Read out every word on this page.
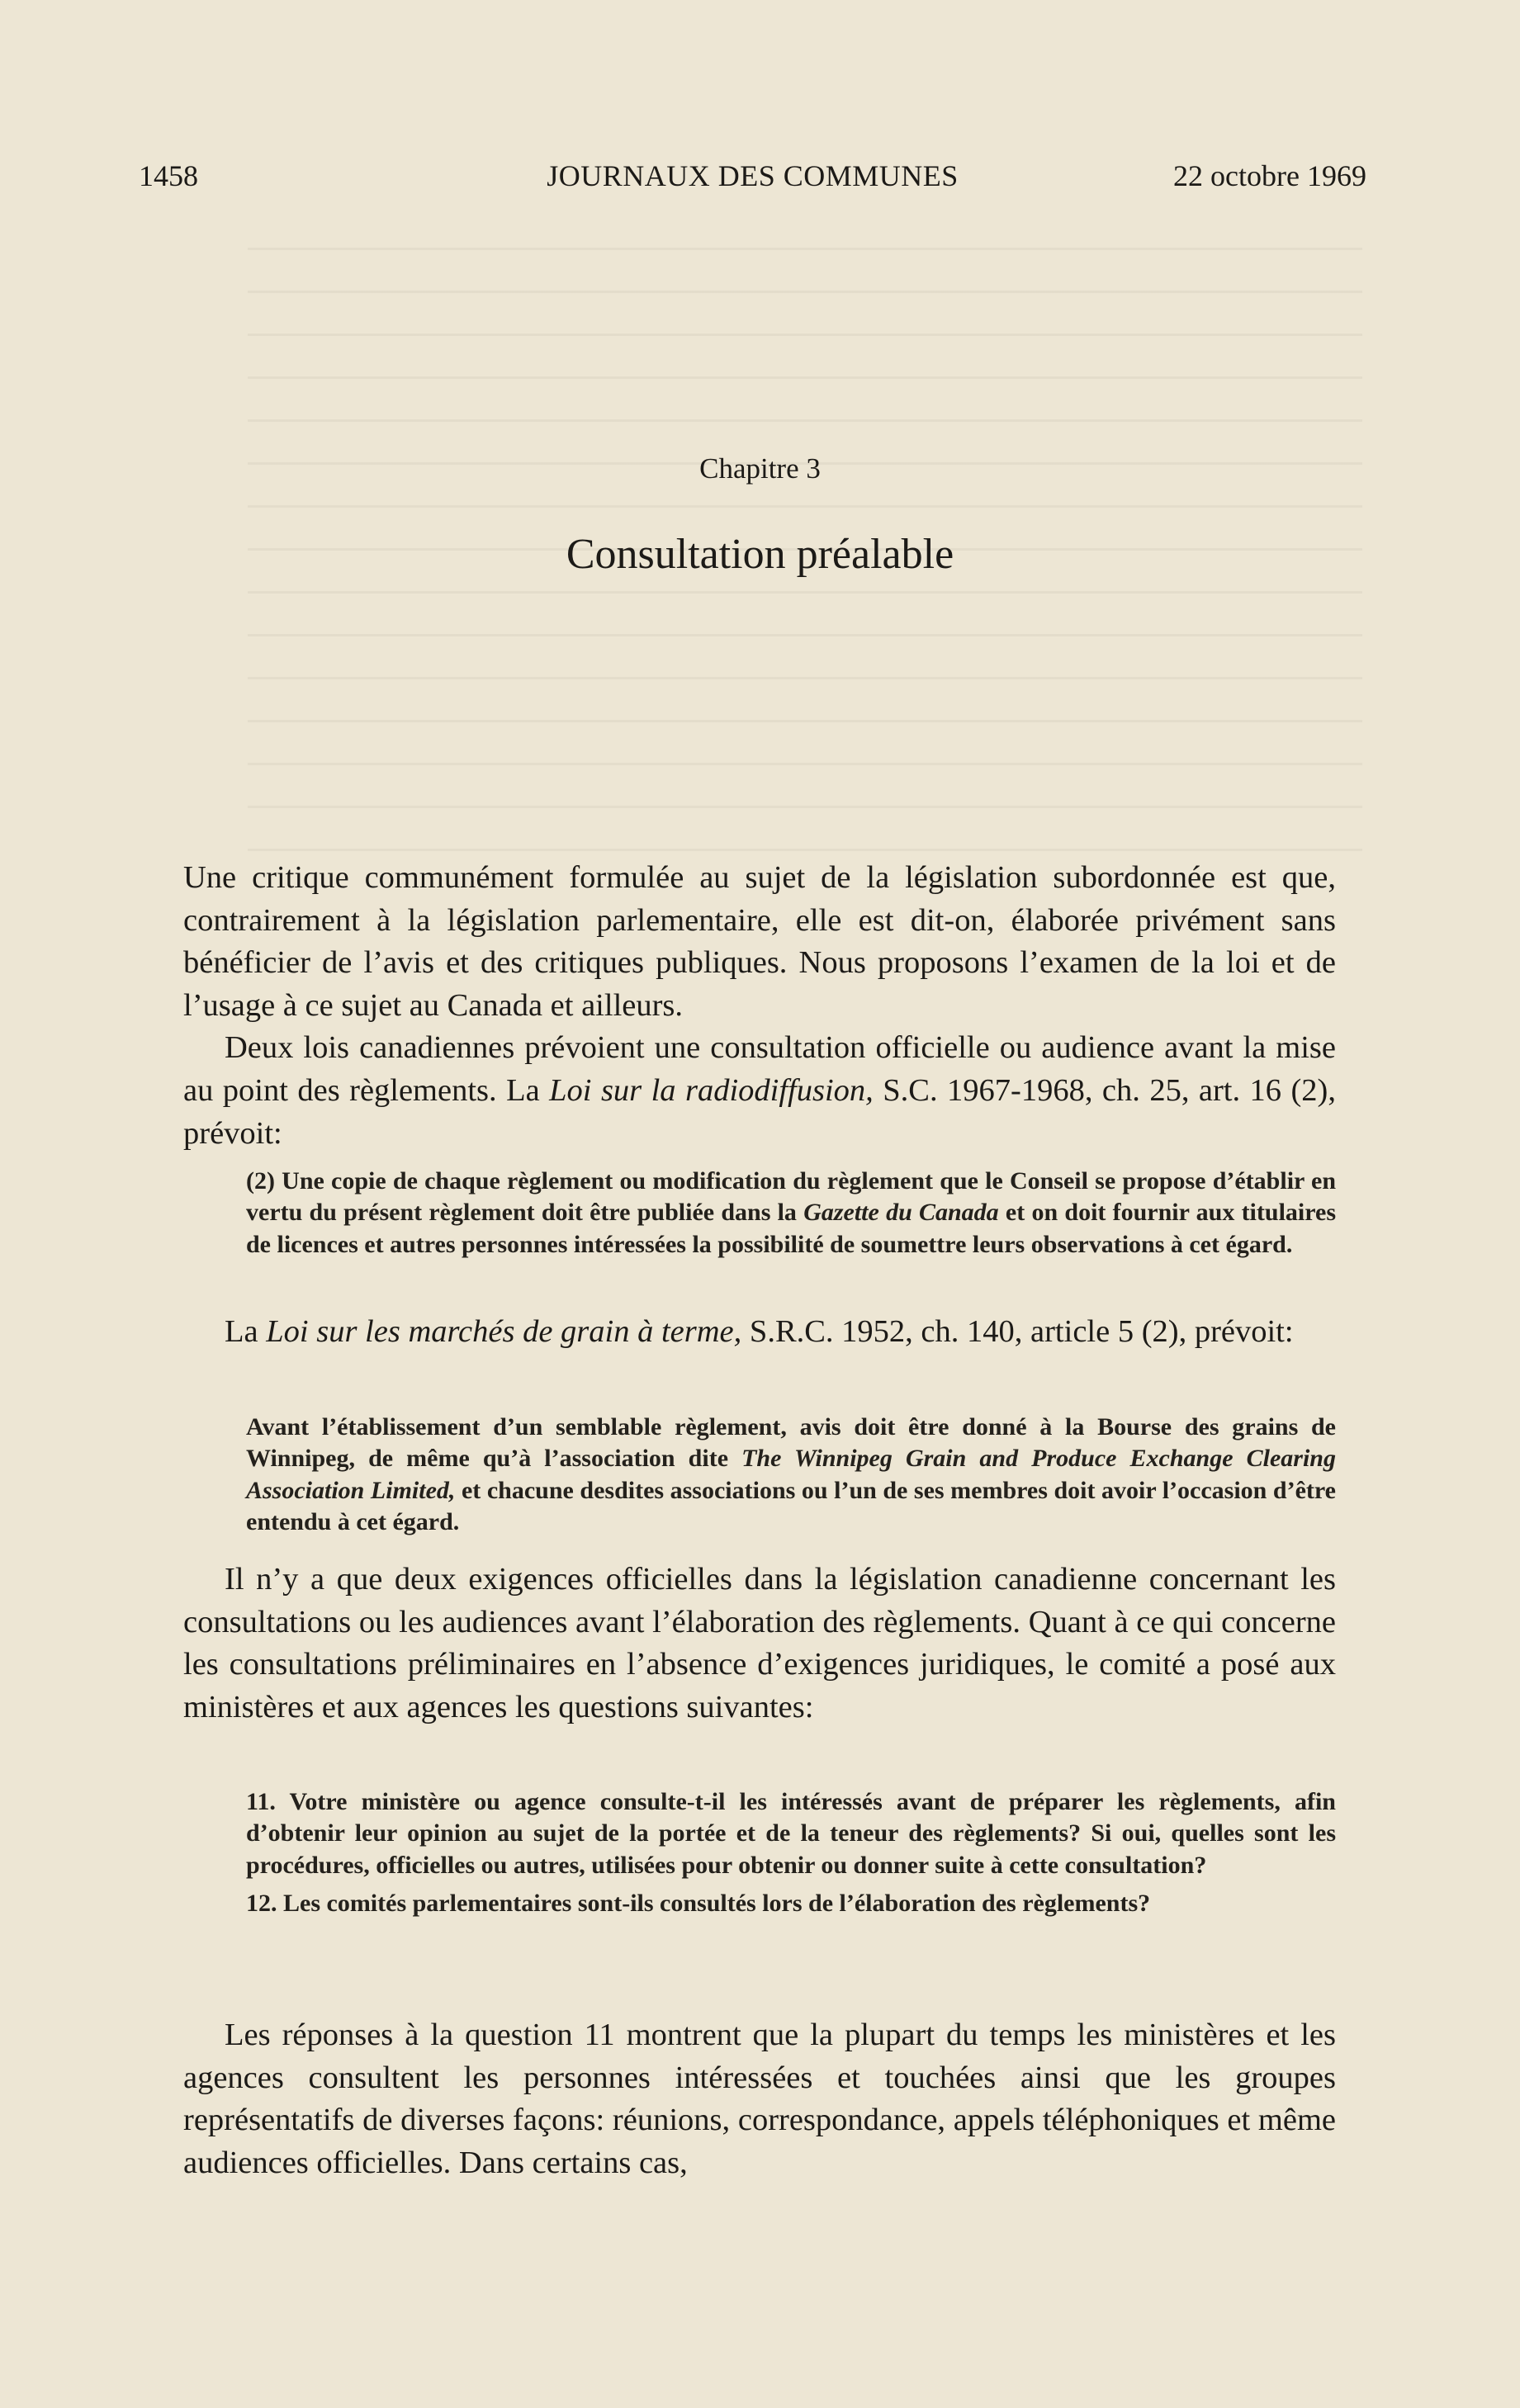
1458	JOURNAUX DES COMMUNES	22 octobre 1969
Chapitre 3
Consultation préalable

Une critique communément formulée au sujet de la législation subordonnée est que, contrairement à la législation parlementaire, elle est dit-on, élaborée privément sans bénéficier de l’avis et des critiques publiques. Nous proposons l’examen de la loi et de l’usage à ce sujet au Canada et ailleurs.

Deux lois canadiennes prévoient une consultation officielle ou audience avant la mise au point des règlements. La Loi sur la radiodiffusion, S.C. 1967-1968, ch. 25, art. 16 (2), prévoit:

(2) Une copie de chaque règlement ou modification du règlement que le Conseil se propose d’établir en vertu du présent règlement doit être publiée dans la Gazette du Canada et on doit fournir aux titulaires de licences et autres personnes intéressées la possibilité de soumettre leurs observations à cet égard.

La Loi sur les marchés de grain à terme, S.R.C. 1952, ch. 140, article 5 (2), prévoit:

Avant l’établissement d’un semblable règlement, avis doit être donné à la Bourse des grains de Winnipeg, de même qu’à l’association dite The Winnipeg Grain and Produce Exchange Clearing Association Limited, et chacune desdites associations ou l’un de ses membres doit avoir l’occasion d’être entendu à cet égard.

Il n’y a que deux exigences officielles dans la législation canadienne concernant les consultations ou les audiences avant l’élaboration des règlements. Quant à ce qui concerne les consultations préliminaires en l’absence d’exigences juridiques, le comité a posé aux ministères et aux agences les questions suivantes:

11. Votre ministère ou agence consulte-t-il les intéressés avant de préparer les règlements, afin d’obtenir leur opinion au sujet de la portée et de la teneur des règlements? Si oui, quelles sont les procédures, officielles ou autres, utilisées pour obtenir ou donner suite à cette consultation?

12. Les comités parlementaires sont-ils consultés lors de l’élaboration des règlements?

Les réponses à la question 11 montrent que la plupart du temps les ministères et les agences consultent les personnes intéressées et touchées ainsi que les groupes représentatifs de diverses façons: réunions, correspondance, appels téléphoniques et même audiences officielles. Dans certains cas,
